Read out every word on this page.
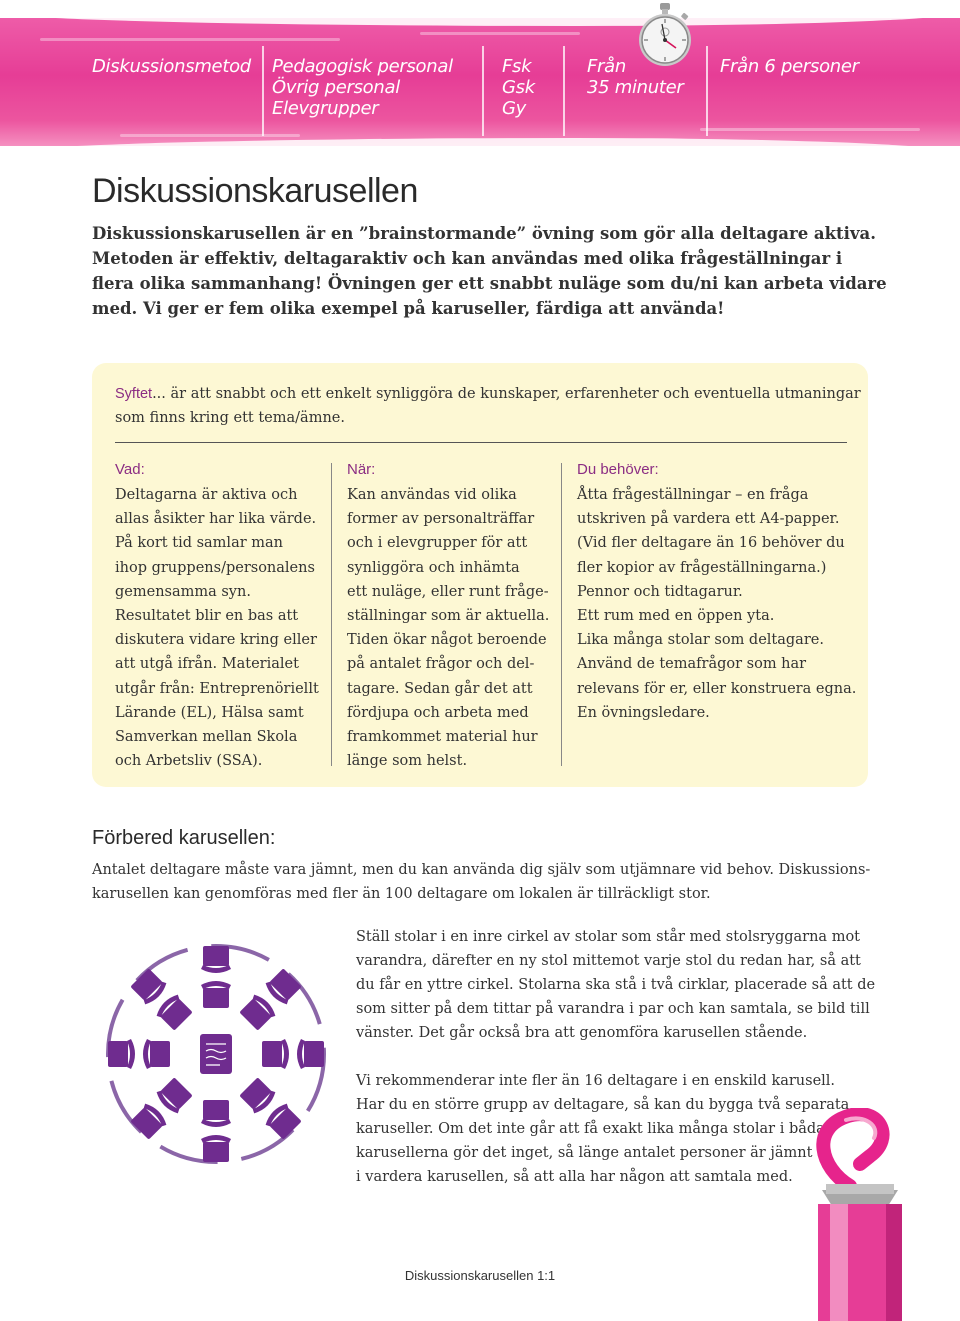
Diskussionsmetod Pedagogisk personal
Övrig personal
Elevgrupper
Fsk
Gsk
Gy
Från
35 minuter
Från 6 personer
Diskussionskarusellen
Diskussionskarusellen är en ”brainstormande” övning som gör alla deltagare aktiva.
Metoden är effektiv, deltagaraktiv och kan användas med olika frågeställningar i
flera olika sammanhang! Övningen ger ett snabbt nuläge som du/ni kan arbeta vidare
med. Vi ger er fem olika exempel på karuseller, färdiga att använda!
Syftet... är att snabbt och ett enkelt synliggöra de kunskaper, erfarenheter och eventuella utmaningar
som finns kring ett tema/ämne.
Vad:
Deltagarna är aktiva och
allas åsikter har lika värde.
På kort tid samlar man
ihop gruppens/personalens
gemensamma syn.
Resultatet blir en bas att
diskutera vidare kring eller
att utgå ifrån. Materialet
utgår från: Entreprenöriellt
Lärande (EL), Hälsa samt
Samverkan mellan Skola
och Arbetsliv (SSA).
När:
Kan användas vid olika
former av personalträffar
och i elevgrupper för att
synliggöra och inhämta
ett nuläge, eller runt fråge-
ställningar som är aktuella.
Tiden ökar något beroende
på antalet frågor och del-
tagare. Sedan går det att
fördjupa och arbeta med
framkommet material hur
länge som helst.
Du behöver:
Åtta frågeställningar – en fråga
utskriven på vardera ett A4-papper.
(Vid fler deltagare än 16 behöver du
fler kopior av frågeställningarna.)
Pennor och tidtagarur.
Ett rum med en öppen yta.
Lika många stolar som deltagare.
Använd de temafrågor som har
relevans för er, eller konstruera egna.
En övningsledare.
Förbered karusellen:
Antalet deltagare måste vara jämnt, men du kan använda dig själv som utjämnare vid behov. Diskussions-
karusellen kan genomföras med fler än 100 deltagare om lokalen är tillräckligt stor.
Ställ stolar i en inre cirkel av stolar som står med stolsryggarna mot
varandra, därefter en ny stol mittemot varje stol du redan har, så att
du får en yttre cirkel. Stolarna ska stå i två cirklar, placerade så att de
som sitter på dem tittar på varandra i par och kan samtala, se bild till
vänster. Det går också bra att genomföra karusellen stående.
Vi rekommenderar inte fler än 16 deltagare i en enskild karusell.
Har du en större grupp av deltagare, så kan du bygga två separata
karuseller. Om det inte går att få exakt lika många stolar i båda
karusellerna gör det inget, så länge antalet personer är jämnt
i vardera karusellen, så att alla har någon att samtala med.
Diskussionskarusellen 1:1
